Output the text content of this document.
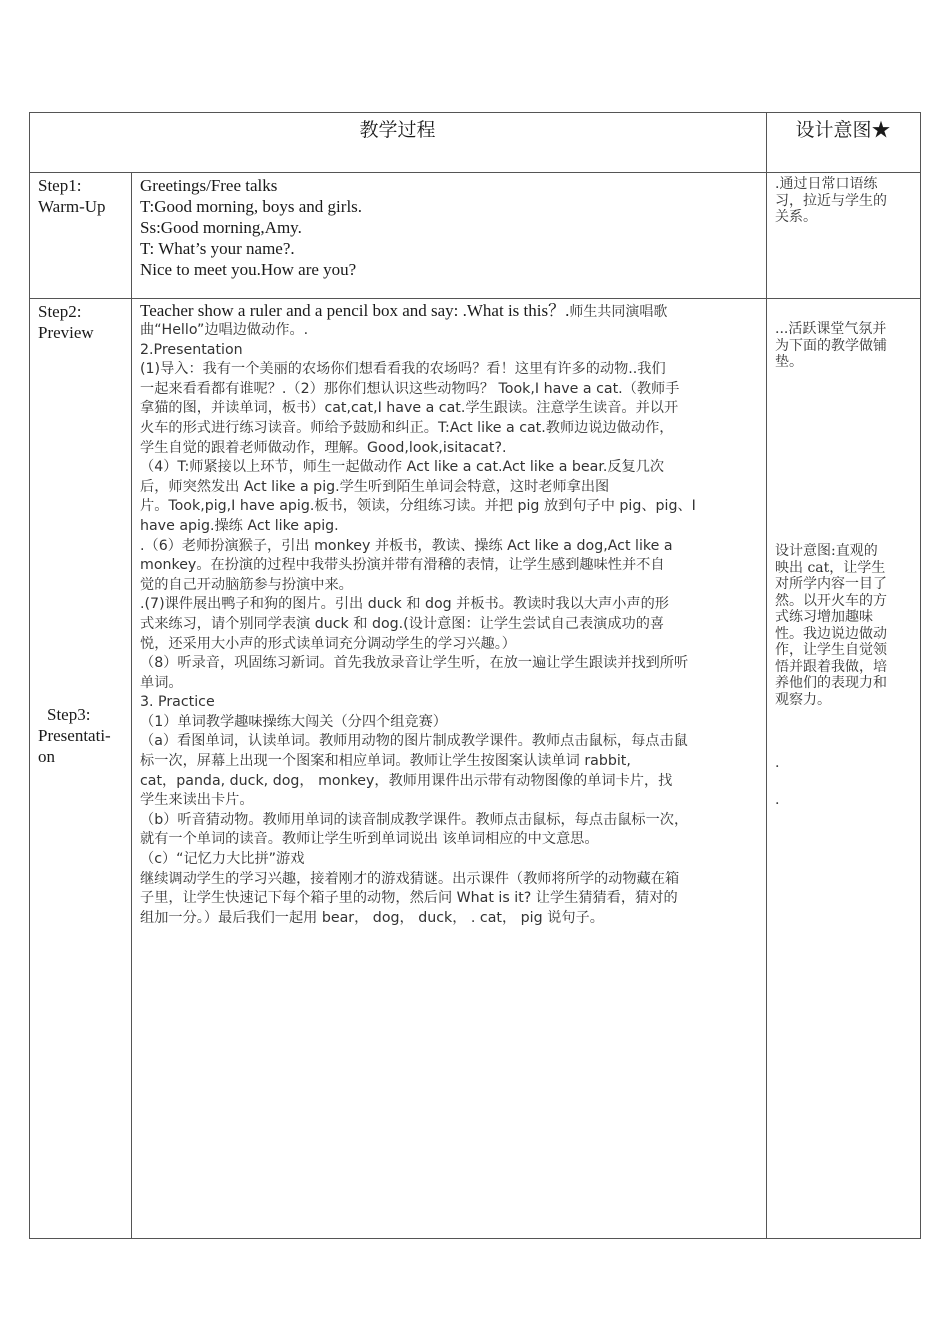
教学过程	设计意图★
Step1:
Warm-Up
Greetings/Free talks
T:Good morning, boys and girls.
Ss:Good morning,Amy.
T: What’s your name?.
Nice to meet you.How are you?
.通过日常口语练
习，拉近与学生的
关系。
Step2:
Preview
Step3:
Presentati-
on
Teacher show a ruler and a pencil box and say: .What is this？.师生共同演唱歌
曲“Hello”边唱边做动作。.
2.Presentation
(1)导入：我有一个美丽的农场你们想看看我的农场吗？看！这里有许多的动物..我们
一起来看看都有谁呢？.（2）那你们想认识这些动物吗？ Took,I have a cat.（教师手
拿猫的图，并读单词，板书）cat,cat,I have a cat.学生跟读。注意学生读音。并以开
火车的形式进行练习读音。师给予鼓励和纠正。T:Act like a cat.教师边说边做动作，
学生自觉的跟着老师做动作，理解。Good,look,isitacat?.
（4）T:师紧接以上环节，师生一起做动作 Act like a cat.Act like a bear.反复几次
后，师突然发出 Act like a pig.学生听到陌生单词会特意，这时老师拿出图
片。Took,pig,I have apig.板书，领读，分组练习读。并把 pig 放到句子中 pig、pig、I
have apig.操练 Act like apig.
.（6）老师扮演猴子，引出 monkey 并板书，教读、操练 Act like a dog,Act like a
monkey。在扮演的过程中我带头扮演并带有滑稽的表情，让学生感到趣味性并不自
觉的自己开动脑筋参与扮演中来。
.(7)课件展出鸭子和狗的图片。引出 duck 和 dog 并板书。教读时我以大声小声的形
式来练习，请个别同学表演 duck 和 dog.(设计意图：让学生尝试自己表演成功的喜
悦，还采用大小声的形式读单词充分调动学生的学习兴趣。）
（8）听录音，巩固练习新词。首先我放录音让学生听，在放一遍让学生跟读并找到所听
单词。
3. Practice
（1）单词教学趣味操练大闯关（分四个组竞赛）
（a）看图单词，认读单词。教师用动物的图片制成教学课件。教师点击鼠标，每点击鼠
标一次，屏幕上出现一个图案和相应单词。教师让学生按图案认读单词 rabbit,
cat，panda, duck, dog， monkey，教师用课件出示带有动物图像的单词卡片，找
学生来读出卡片。
（b）听音猜动物。教师用单词的读音制成教学课件。教师点击鼠标，每点击鼠标一次，
就有一个单词的读音。教师让学生听到单词说出 该单词相应的中文意思。
（c）“记忆力大比拼”游戏
继续调动学生的学习兴趣，接着刚才的游戏猜谜。出示课件（教师将所学的动物藏在箱
子里，让学生快速记下每个箱子里的动物，然后问 What is it? 让学生猜猜看，猜对的
组加一分。）最后我们一起用 bear， dog， duck， . cat， pig 说句子。
...活跃课堂气氛并
为下面的教学做铺
垫。
设计意图:直观的
映出 cat，让学生
对所学内容一目了
然。以开火车的方
式练习增加趣味
性。我边说边做动
作，让学生自觉领
悟并跟着我做，培
养他们的表现力和
观察力。
.
.
